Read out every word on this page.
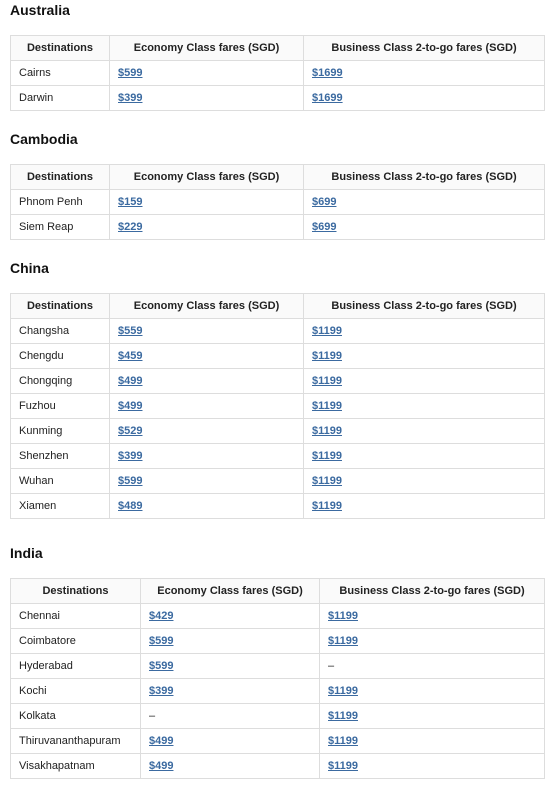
Australia
Destinations	Economy Class fares (SGD)	Business Class 2-to-go fares (SGD)
Cairns	$599	$1699
Darwin	$399	$1699
Cambodia
Destinations	Economy Class fares (SGD)	Business Class 2-to-go fares (SGD)
Phnom Penh	$159	$699
Siem Reap	$229	$699
China
Destinations	Economy Class fares (SGD)	Business Class 2-to-go fares (SGD)
Changsha	$559	$1199
Chengdu	$459	$1199
Chongqing	$499	$1199
Fuzhou	$499	$1199
Kunming	$529	$1199
Shenzhen	$399	$1199
Wuhan	$599	$1199
Xiamen	$489	$1199
India
Destinations	Economy Class fares (SGD)	Business Class 2-to-go fares (SGD)
Chennai	$429	$1199
Coimbatore	$599	$1199
Hyderabad	$599	–
Kochi	$399	$1199
Kolkata	–	$1199
Thiruvananthapuram	$499	$1199
Visakhapatnam	$499	$1199
